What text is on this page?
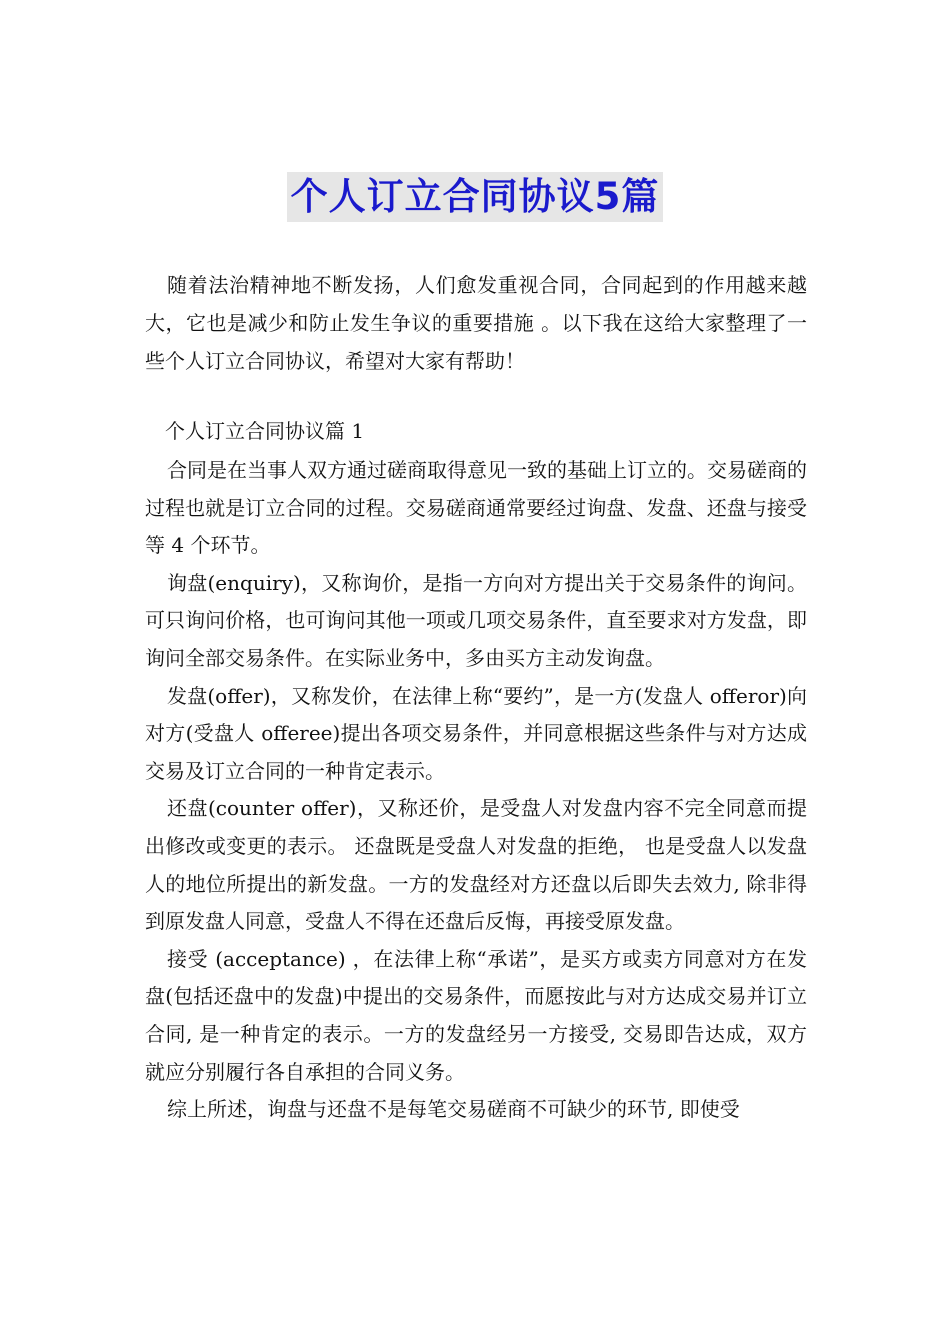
个人订立合同协议5篇

随着法治精神地不断发扬，人们愈发重视合同，合同起到的作用越来越大，它也是减少和防止发生争议的重要措施 。以下我在这给大家整理了一些个人订立合同协议，希望对大家有帮助！

个人订立合同协议篇 1

合同是在当事人双方通过磋商取得意见一致的基础上订立的。交易磋商的过程也就是订立合同的过程。交易磋商通常要经过询盘、发盘、还盘与接受等 4 个环节。

询盘(enquiry)，又称询价，是指一方向对方提出关于交易条件的询问。可只询问价格，也可询问其他一项或几项交易条件，直至要求对方发盘，即询问全部交易条件。在实际业务中，多由买方主动发询盘。

发盘(offer)，又称发价，在法律上称“要约”，是一方(发盘人 offeror)向对方(受盘人 offeree)提出各项交易条件，并同意根据这些条件与对方达成交易及订立合同的一种肯定表示。

还盘(counter offer)，又称还价，是受盘人对发盘内容不完全同意而提出修改或变更的表示。 还盘既是受盘人对发盘的拒绝， 也是受盘人以发盘人的地位所提出的新发盘。一方的发盘经对方还盘以后即失去效力, 除非得到原发盘人同意，受盘人不得在还盘后反悔，再接受原发盘。

接受 (acceptance) ，在法律上称“承诺”，是买方或卖方同意对方在发盘(包括还盘中的发盘)中提出的交易条件，而愿按此与对方达成交易并订立合同, 是一种肯定的表示。一方的发盘经另一方接受, 交易即告达成，双方就应分别履行各自承担的合同义务。

综上所述，询盘与还盘不是每笔交易磋商不可缺少的环节, 即使受
